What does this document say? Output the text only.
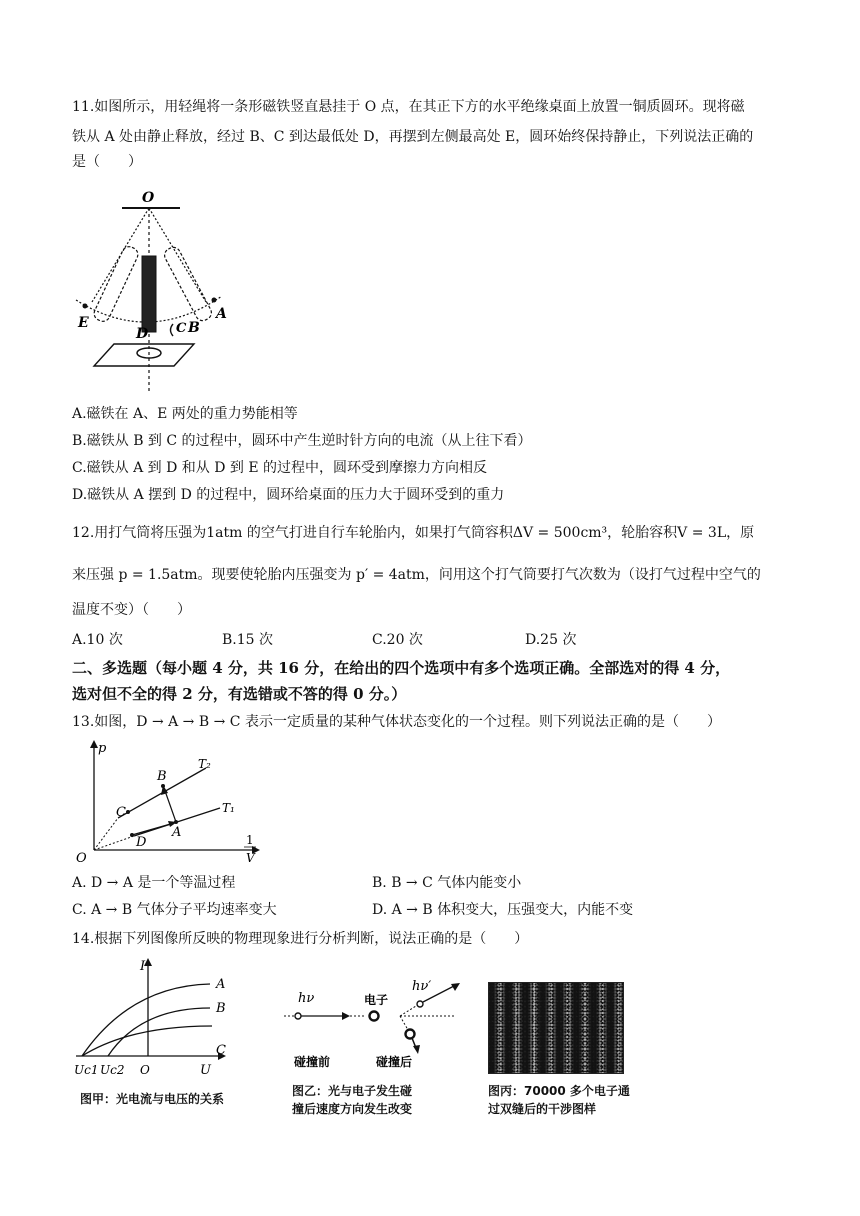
11.如图所示，用轻绳将一条形磁铁竖直悬挂于 O 点，在其正下方的水平绝缘桌面上放置一铜质圆环。现将磁
铁从 A 处由静止释放，经过 B、C 到达最低处 D，再摆到左侧最高处 E，圆环始终保持静止，下列说法正确的
是（　　）
O
E
D C B
A
A.磁铁在 A、E 两处的重力势能相等
B.磁铁从 B 到 C 的过程中，圆环中产生逆时针方向的电流（从上往下看）
C.磁铁从 A 到 D 和从 D 到 E 的过程中，圆环受到摩擦力方向相反
D.磁铁从 A 摆到 D 的过程中，圆环给桌面的压力大于圆环受到的重力
12.用打气筒将压强为1atm 的空气打进自行车轮胎内，如果打气筒容积ΔV = 500cm³，轮胎容积V = 3L，原
来压强 p = 1.5atm。现要使轮胎内压强变为 p′ = 4atm，问用这个打气筒要打气次数为（设打气过程中空气的
温度不变）（　　）
A.10 次	B.15 次	C.20 次	D.25 次
二、多选题（每小题 4 分，共 16 分，在给出的四个选项中有多个选项正确。全部选对的得 4 分，
选对但不全的得 2 分，有选错或不答的得 0 分。）
13.如图，D → A → B → C 表示一定质量的某种气体状态变化的一个过程。则下列说法正确的是（　　）
p
1
V
O
B
C
A
D
T₂
T₁
A. D → A 是一个等温过程	B. B → C 气体内能变小
C. A → B 气体分子平均速率变大	D. A → B 体积变大，压强变大，内能不变
14.根据下列图像所反映的物理现象进行分析判断，说法正确的是（　　）
I
U
O
Uc1 Uc2
A
B
C
图甲：光电流与电压的关系
hν	电子
hν′
碰撞前	碰撞后
图乙：光与电子发生碰
撞后速度方向发生改变
图丙：70000 多个电子通
过双缝后的干涉图样
